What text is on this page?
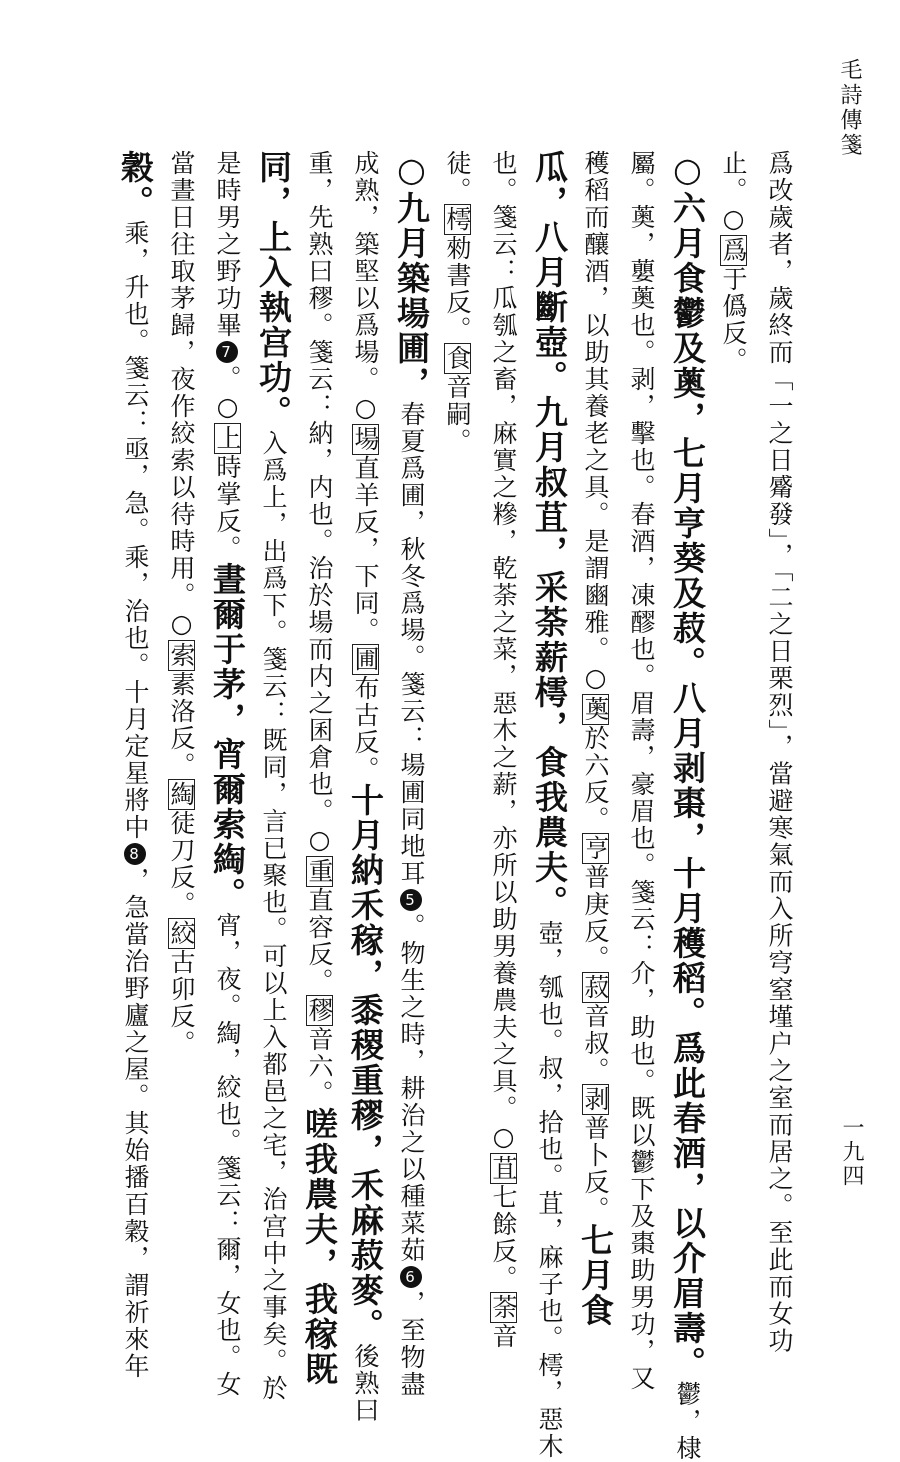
毛詩傳箋
一九四
爲改歲者，歲終而「一之日觱發」，「二之日栗烈」，當避寒氣而入所穹窒墐户之室而居之。至此而女功
止。○爲于僞反。
○六月食鬱及薁，七月亨葵及菽。八月剥棗，十月穫稻。爲此春酒，以介眉壽。鬱，棣
屬。薁，蘡薁也。剥，擊也。春酒，凍醪也。眉壽，豪眉也。箋云：介，助也。既以鬱下及棗助男功，又
穫稻而釀酒，以助其養老之具。是謂豳雅。○薁於六反。亨普庚反。菽音叔。剥普卜反。七月食
瓜，八月斷壺。九月叔苴，采荼薪樗，食我農夫。壺，瓠也。叔，拾也。苴，麻子也。樗，惡木
也。箋云：瓜瓠之畜，麻實之糝，乾荼之菜，惡木之薪，亦所以助男養農夫之具。○苴七餘反。荼音
徒。樗勑書反。食音嗣。
○九月築場圃，春夏爲圃，秋冬爲場。箋云：場圃同地耳5。物生之時，耕治之以種菜茹6，至物盡
成熟，築堅以爲場。○場直羊反，下同。圃布古反。十月納禾稼，黍稷重穋，禾麻菽麥。後熟曰
重，先熟曰穋。箋云：納，内也。治於場而内之囷倉也。○重直容反。穋音六。嗟我農夫，我稼既
同，上入執宫功。入爲上，出爲下。箋云：既同，言已聚也。可以上入都邑之宅，治宫中之事矣。於
是時男之野功畢7。○上時掌反。晝爾于茅，宵爾索綯。宵，夜。綯，絞也。箋云：爾，女也。女
當晝日往取茅歸，夜作絞索以待時用。○索素洛反。綯徒刀反。絞古卯反。
穀。乘，升也。箋云：亟，急。乘，治也。十月定星將中8，急當治野廬之屋。其始播百穀，謂祈來年
